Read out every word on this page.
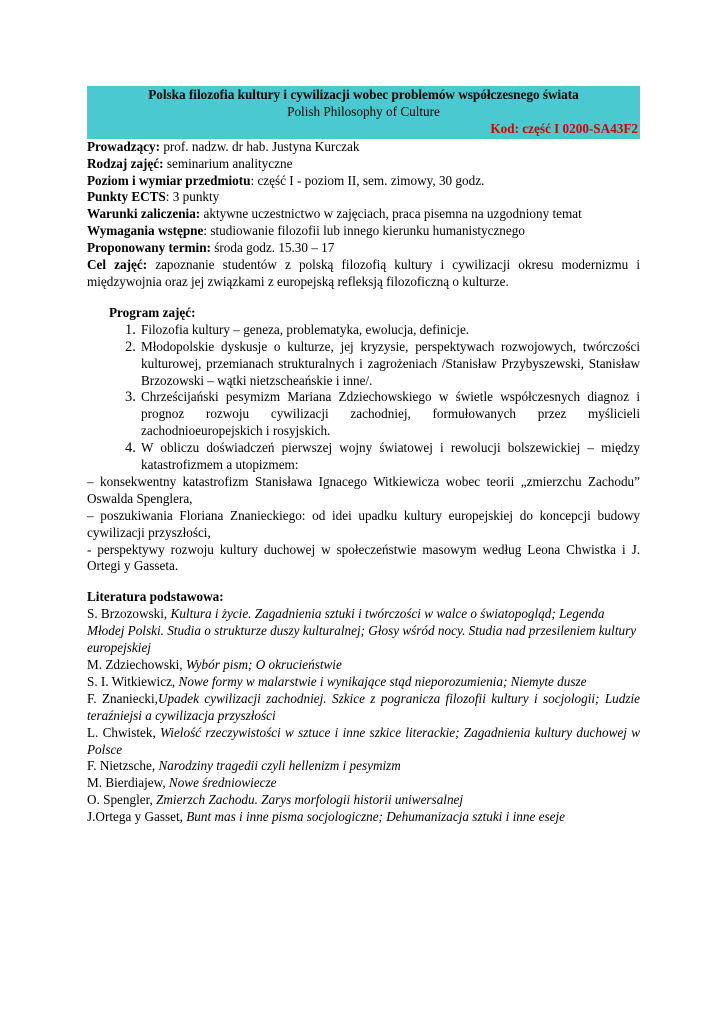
Polska filozofia kultury i cywilizacji wobec problemów współczesnego świata
Polish Philosophy of Culture
Kod: część I 0200-SA43F2

Prowadzący: prof. nadzw. dr hab. Justyna Kurczak

Rodzaj zajęć: seminarium analityczne

Poziom i wymiar przedmiotu: część I - poziom II, sem. zimowy, 30 godz.

Punkty ECTS: 3 punkty

Warunki zaliczenia: aktywne uczestnictwo w zajęciach, praca pisemna na uzgodniony temat

Wymagania wstępne: studiowanie filozofii lub innego kierunku humanistycznego

Proponowany termin: środa godz. 15.30 – 17

Cel zajęć: zapoznanie studentów z polską filozofią kultury i cywilizacji okresu modernizmu i międzywojnia oraz jej związkami z europejską refleksją filozoficzną o kulturze.

Program zajęć:
1. Filozofia kultury – geneza, problematyka, ewolucja, definicje.
2. Młodopolskie dyskusje o kulturze, jej kryzysie, perspektywach rozwojowych, twórczości kulturowej, przemianach strukturalnych i zagrożeniach /Stanisław Przybyszewski, Stanisław Brzozowski – wątki nietzscheańskie i inne/.
3. Chrześcijański pesymizm Mariana Zdziechowskiego w świetle współczesnych diagnoz i prognoz rozwoju cywilizacji zachodniej, formułowanych przez myślicieli zachodnioeuropejskich i rosyjskich.
4. W obliczu doświadczeń pierwszej wojny światowej i rewolucji bolszewickiej – między katastrofizmem a utopizmem:

– konsekwentny katastrofizm Stanisława Ignacego Witkiewicza wobec teorii „zmierzchu Zachodu” Oswalda Spenglera,

– poszukiwania Floriana Znanieckiego: od idei upadku kultury europejskiej do koncepcji budowy cywilizacji przyszłości,

- perspektywy rozwoju kultury duchowej w społeczeństwie masowym według Leona Chwistka i J. Ortegi y Gasseta.

Literatura podstawowa:

S. Brzozowski, Kultura i życie. Zagadnienia sztuki i twórczości w walce o światopogląd; Legenda Młodej Polski. Studia o strukturze duszy kulturalnej; Głosy wśród nocy. Studia nad przesileniem kultury europejskiej

M. Zdziechowski, Wybór pism; O okrucieństwie

S. I. Witkiewicz, Nowe formy w malarstwie i wynikające stąd nieporozumienia; Niemyte dusze

F. Znaniecki,Upadek cywilizacji zachodniej. Szkice z pogranicza filozofii kultury i socjologii; Ludzie teraźniejsi a cywilizacja przyszłości

L. Chwistek, Wielość rzeczywistości w sztuce i inne szkice literackie; Zagadnienia kultury duchowej w Polsce

F. Nietzsche, Narodziny tragedii czyli hellenizm i pesymizm

M. Bierdiajew, Nowe średniowiecze

O. Spengler, Zmierzch Zachodu. Zarys morfologii historii uniwersalnej

J.Ortega y Gasset, Bunt mas i inne pisma socjologiczne; Dehumanizacja sztuki i inne eseje
